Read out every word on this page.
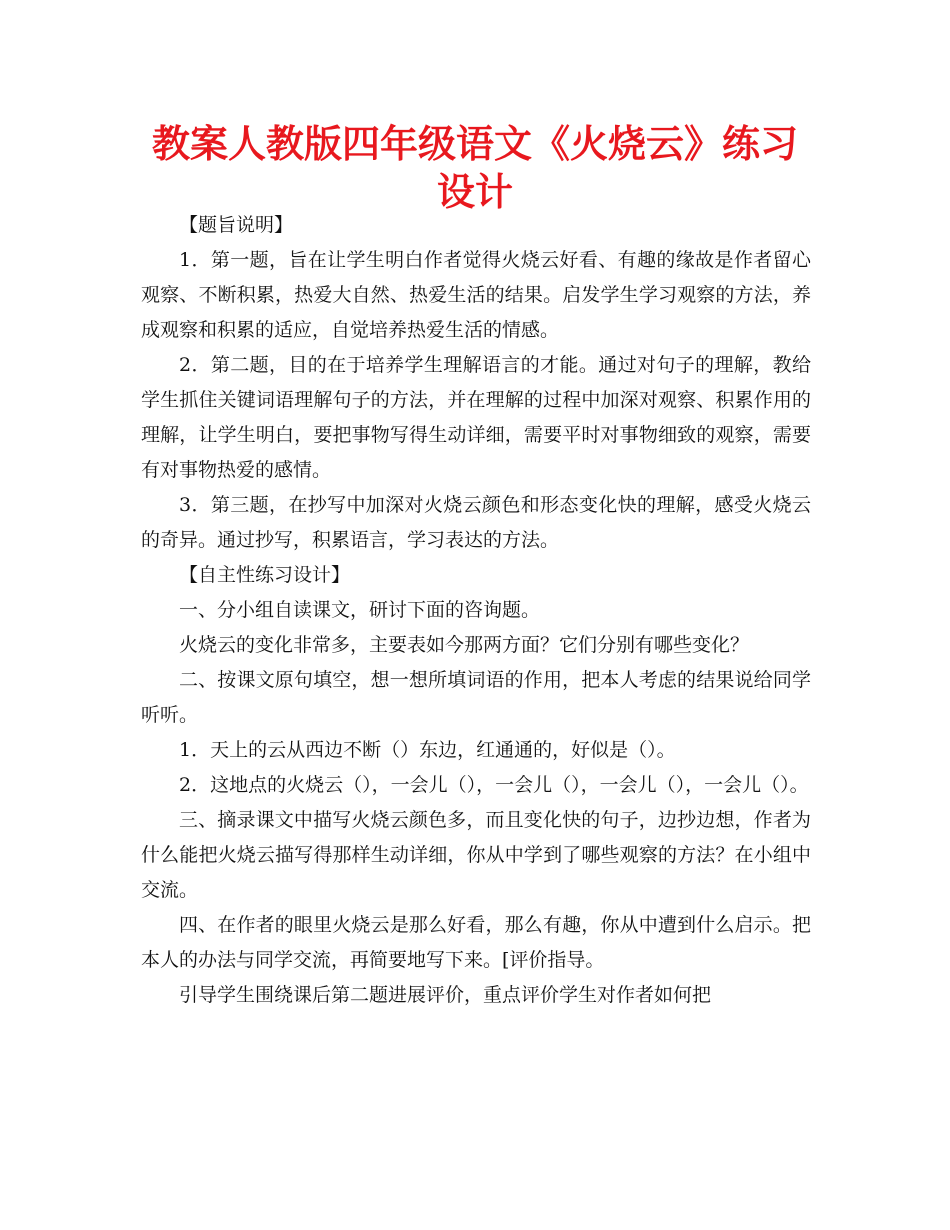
教案人教版四年级语文《火烧云》练习设计

【题旨说明】

1．第一题，旨在让学生明白作者觉得火烧云好看、有趣的缘故是作者留心观察、不断积累，热爱大自然、热爱生活的结果。启发学生学习观察的方法，养成观察和积累的适应，自觉培养热爱生活的情感。

2．第二题，目的在于培养学生理解语言的才能。通过对句子的理解，教给学生抓住关键词语理解句子的方法，并在理解的过程中加深对观察、积累作用的理解，让学生明白，要把事物写得生动详细，需要平时对事物细致的观察，需要有对事物热爱的感情。

3．第三题，在抄写中加深对火烧云颜色和形态变化快的理解，感受火烧云的奇异。通过抄写，积累语言，学习表达的方法。

【自主性练习设计】

一、分小组自读课文，研讨下面的咨询题。

火烧云的变化非常多，主要表如今那两方面？它们分别有哪些变化？

二、按课文原句填空，想一想所填词语的作用，把本人考虑的结果说给同学听听。

1．天上的云从西边不断（）东边，红通通的，好似是（）。

2．这地点的火烧云（），一会儿（），一会儿（），一会儿（），一会儿（）。

三、摘录课文中描写火烧云颜色多，而且变化快的句子，边抄边想，作者为什么能把火烧云描写得那样生动详细，你从中学到了哪些观察的方法？在小组中交流。

四、在作者的眼里火烧云是那么好看，那么有趣，你从中遭到什么启示。把本人的办法与同学交流，再简要地写下来。[评价指导。

引导学生围绕课后第二题进展评价，重点评价学生对作者如何把
